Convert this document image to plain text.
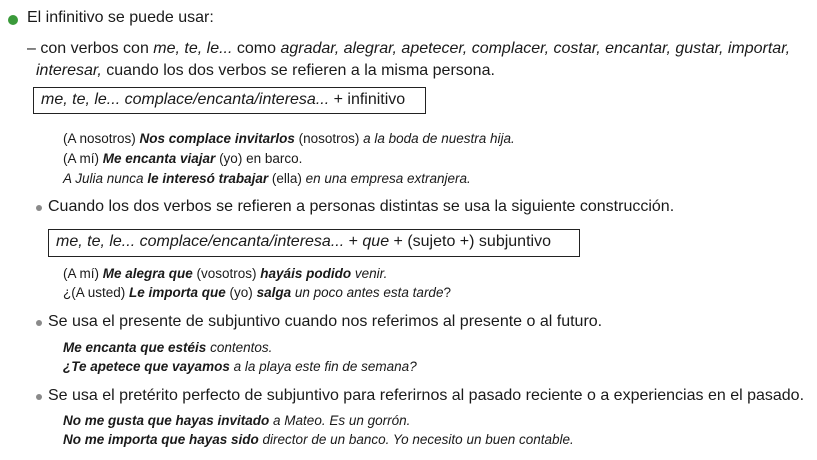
El infinitivo se puede usar:
– con verbos con me, te, le... como agradar, alegrar, apetecer, complacer, costar, encantar, gustar, importar,
interesar, cuando los dos verbos se refieren a la misma persona.
me, te, le... complace/encanta/interesa... + infinitivo
(A nosotros) Nos complace invitarlos (nosotros) a la boda de nuestra hija.
(A mí) Me encanta viajar (yo) en barco.
A Julia nunca le interesó trabajar (ella) en una empresa extranjera.
Cuando los dos verbos se refieren a personas distintas se usa la siguiente construcción.
me, te, le... complace/encanta/interesa... + que + (sujeto +) subjuntivo
(A mí) Me alegra que (vosotros) hayáis podido venir.
¿(A usted) Le importa que (yo) salga un poco antes esta tarde?
Se usa el presente de subjuntivo cuando nos referimos al presente o al futuro.
Me encanta que estéis contentos.
¿Te apetece que vayamos a la playa este fin de semana?
Se usa el pretérito perfecto de subjuntivo para referirnos al pasado reciente o a experiencias en el pasado.
No me gusta que hayas invitado a Mateo. Es un gorrón.
No me importa que hayas sido director de un banco. Yo necesito un buen contable.
